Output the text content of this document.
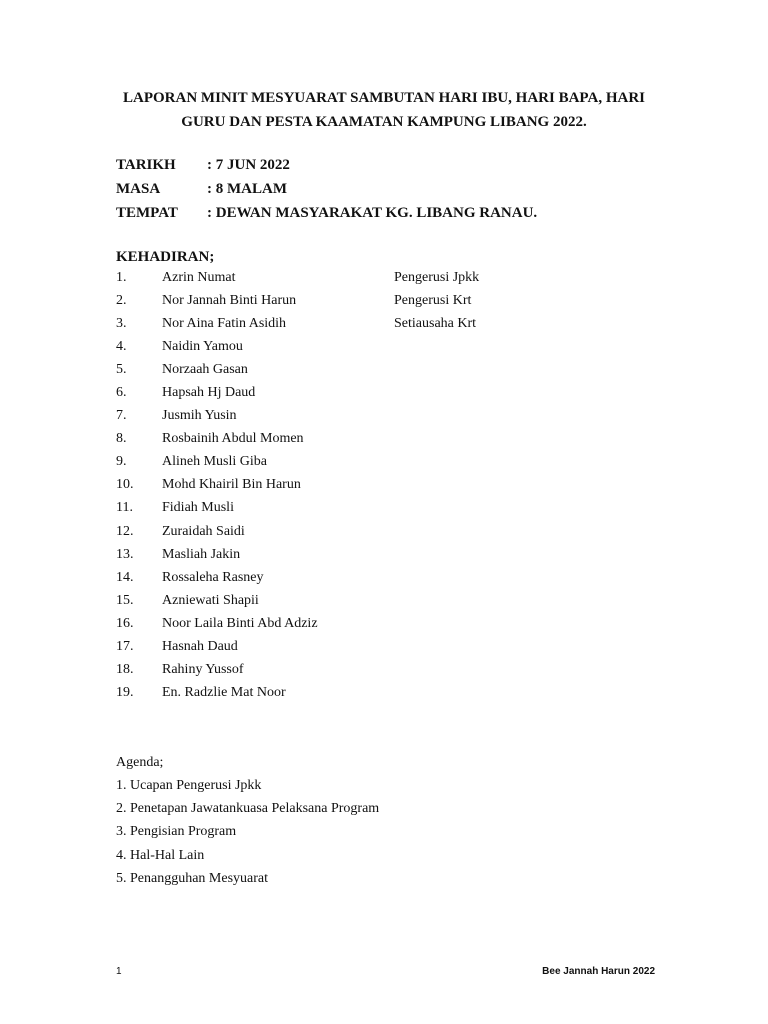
LAPORAN MINIT MESYUARAT SAMBUTAN HARI IBU, HARI BAPA, HARI
GURU DAN PESTA KAAMATAN KAMPUNG LIBANG 2022.
TARIKH : 7 JUN 2022
MASA	: 8 MALAM
TEMPAT : DEWAN MASYARAKAT KG. LIBANG RANAU.
KEHADIRAN;
1.	Azrin Numat	Pengerusi Jpkk
2.	Nor Jannah Binti Harun	Pengerusi Krt
3.	Nor Aina Fatin Asidih	Setiausaha Krt
4.	Naidin Yamou
5.	Norzaah Gasan
6.	Hapsah Hj Daud
7.	Jusmih Yusin
8.	Rosbainih Abdul Momen
9.	Alineh Musli Giba
10. Mohd Khairil Bin Harun
11. Fidiah Musli
12. Zuraidah Saidi
13. Masliah Jakin
14. Rossaleha Rasney
15. Azniewati Shapii
16. Noor Laila Binti Abd Adziz
17. Hasnah Daud
18. Rahiny Yussof
19. En. Radzlie Mat Noor
Agenda;
1. Ucapan Pengerusi Jpkk
2. Penetapan Jawatankuasa Pelaksana Program
3. Pengisian Program
4. Hal-Hal Lain
5. Penangguhan Mesyuarat
1	Bee Jannah Harun 2022
